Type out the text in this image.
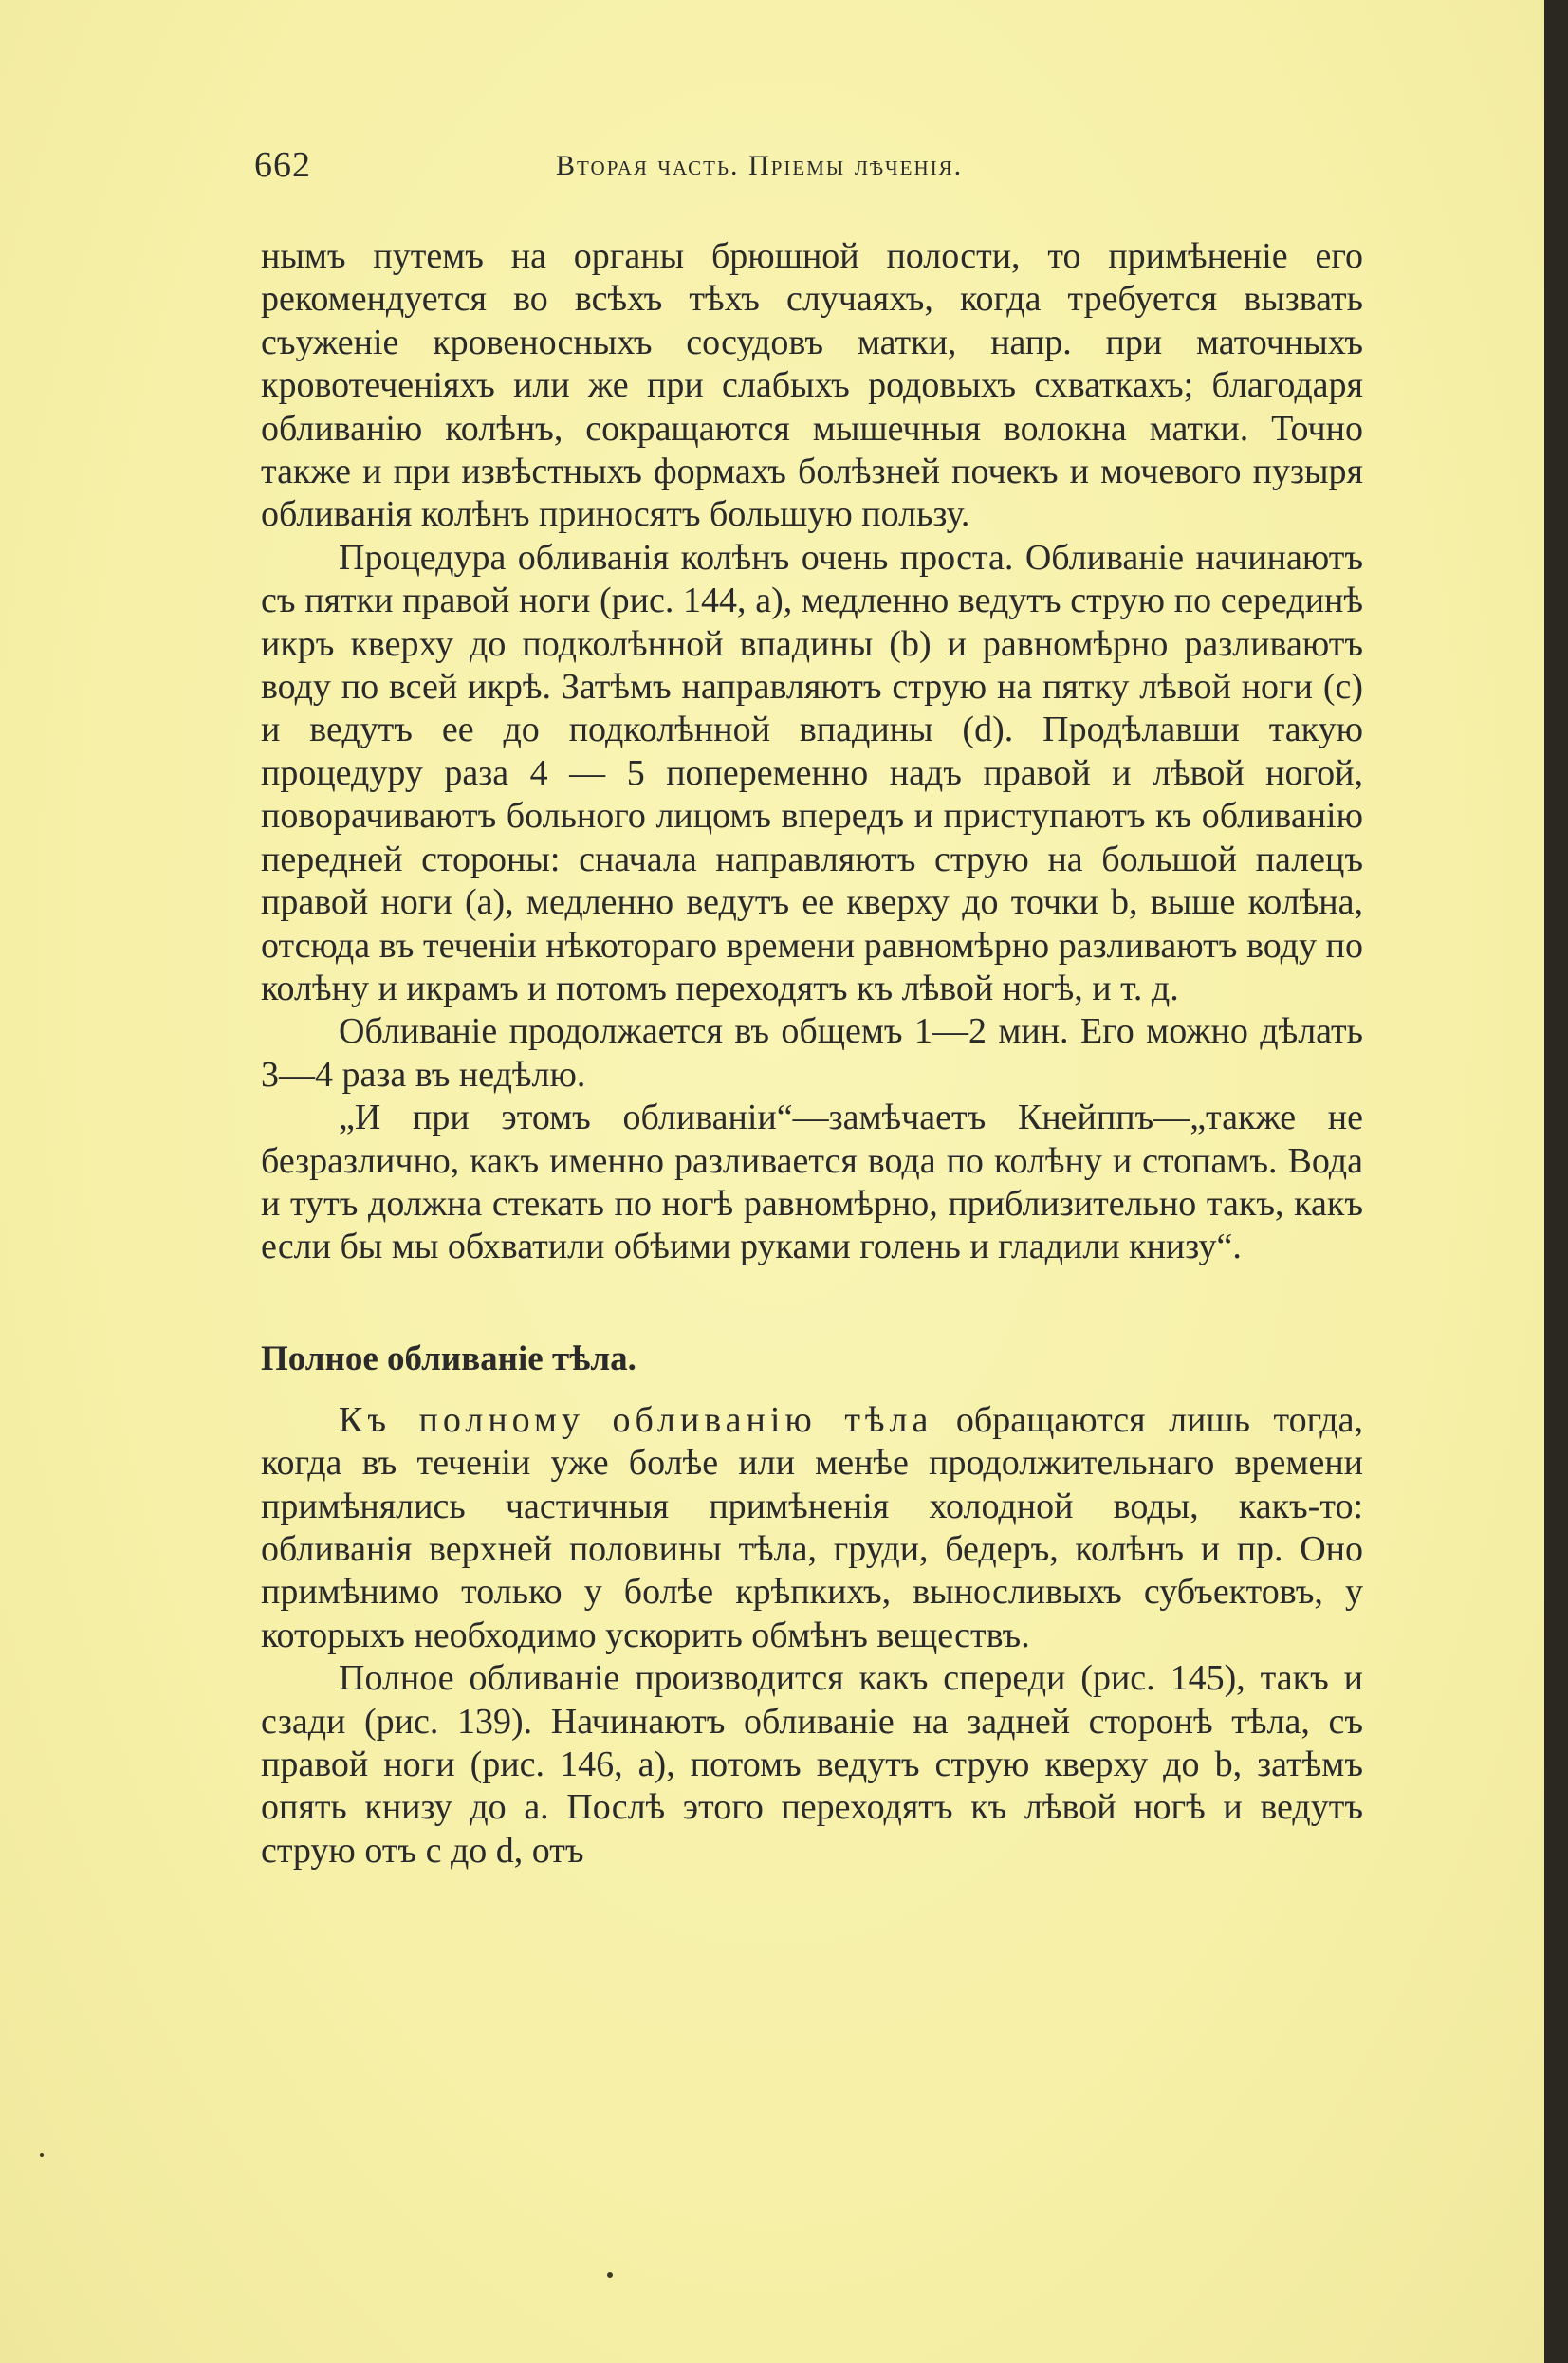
662	Вторая часть. Пріемы лѣченія.

нымъ путемъ на органы брюшной полости, то примѣненіе его рекомендуется во всѣхъ тѣхъ случаяхъ, когда требуется вызвать съуженіе кровеносныхъ сосудовъ матки, напр. при маточныхъ кровотеченіяхъ или же при слабыхъ родовыхъ схваткахъ; благодаря обливанію колѣнъ, сокращаются мышечныя волокна матки. Точно также и при извѣстныхъ формахъ болѣзней почекъ и мочевого пузыря обливанія колѣнъ приносятъ большую пользу.

Процедура обливанія колѣнъ очень проста. Обливаніе начинаютъ съ пятки правой ноги (рис. 144, a), медленно ведутъ струю по серединѣ икръ кверху до подколѣнной впадины (b) и равномѣрно разливаютъ воду по всей икрѣ. Затѣмъ направляютъ струю на пятку лѣвой ноги (c) и ведутъ ее до подколѣнной впадины (d). Продѣлавши такую процедуру раза 4 — 5 попеременно надъ правой и лѣвой ногой, поворачиваютъ больного лицомъ впередъ и приступаютъ къ обливанію передней стороны: сначала направляютъ струю на большой палецъ правой ноги (a), медленно ведутъ ее кверху до точки b, выше колѣна, отсюда въ теченіи нѣкотораго времени равномѣрно разливаютъ воду по колѣну и икрамъ и потомъ переходятъ къ лѣвой ногѣ, и т. д.

Обливаніе продолжается въ общемъ 1—2 мин. Его можно дѣлать 3—4 раза въ недѣлю.

„И при этомъ обливаніи“—замѣчаетъ Кнейппъ—„также не безразлично, какъ именно разливается вода по колѣну и стопамъ. Вода и тутъ должна стекать по ногѣ равномѣрно, приблизительно такъ, какъ если бы мы обхватили обѣими руками голень и гладили книзу“.

Полное обливаніе тѣла.

Къ полному обливанію тѣла обращаются лишь тогда, когда въ теченіи уже болѣе или менѣе продолжительнаго времени примѣнялись частичныя примѣненія холодной воды, какъ-то: обливанія верхней половины тѣла, груди, бедеръ, колѣнъ и пр. Оно примѣнимо только у болѣе крѣпкихъ, выносливыхъ субъектовъ, у которыхъ необходимо ускорить обмѣнъ веществъ.

Полное обливаніе производится какъ спереди (рис. 145), такъ и сзади (рис. 139). Начинаютъ обливаніе на задней сторонѣ тѣла, съ правой ноги (рис. 146, a), потомъ ведутъ струю кверху до b, затѣмъ опять книзу до a. Послѣ этого переходятъ къ лѣвой ногѣ и ведутъ струю отъ c до d, отъ
